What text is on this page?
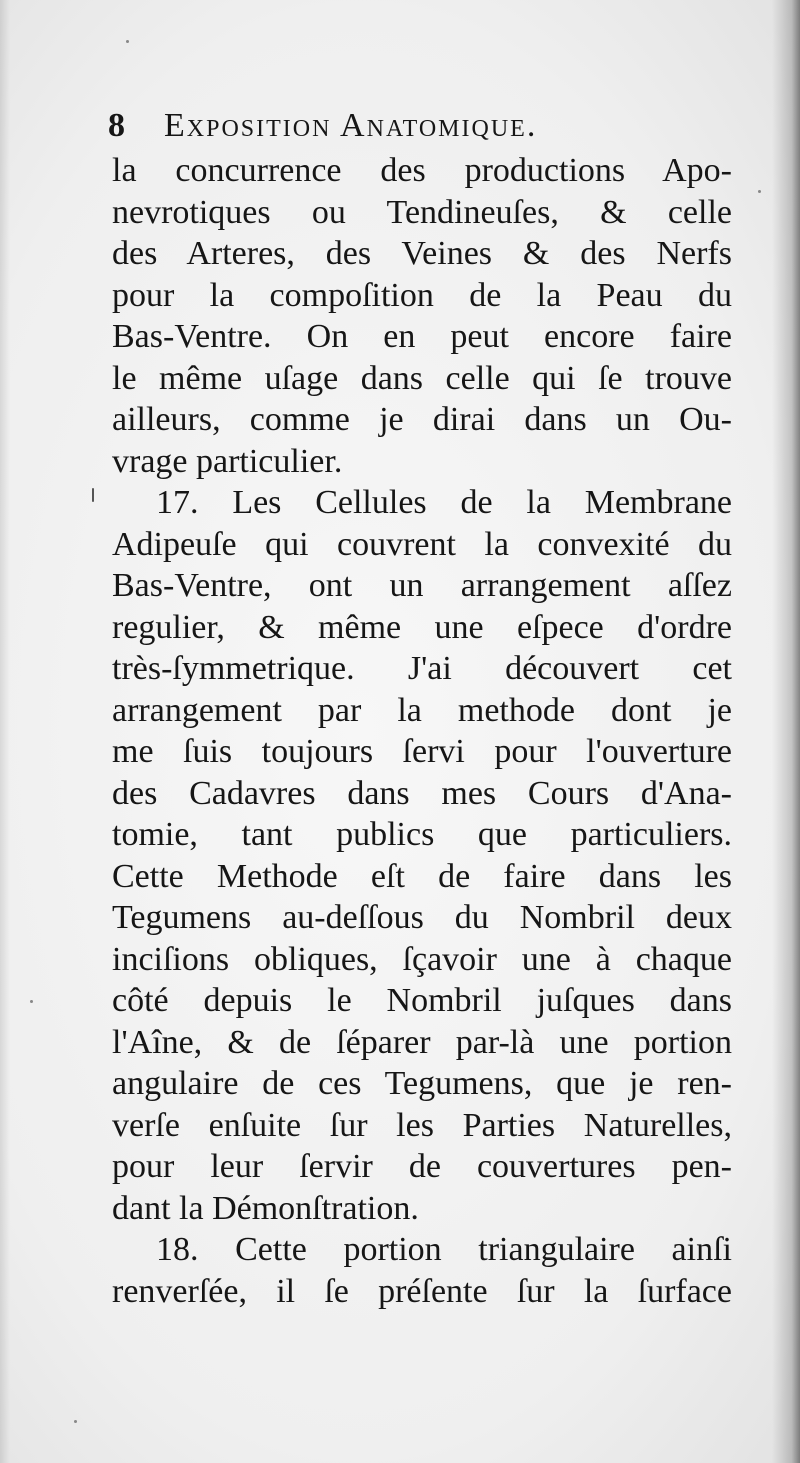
8 Exposition Anatomique.
la concurrence des productions Apo-
nevrotiques ou Tendineuſes, & celle
des Arteres, des Veines & des Nerfs
pour la compoſition de la Peau du
Bas-Ventre. On en peut encore faire
le même uſage dans celle qui ſe trouve
ailleurs, comme je dirai dans un Ou-
vrage particulier.
17. Les Cellules de la Membrane
Adipeuſe qui couvrent la convexité du
Bas-Ventre, ont un arrangement aſſez
regulier, & même une eſpece d'ordre
très-ſymmetrique. J'ai découvert cet
arrangement par la methode dont je
me ſuis toujours ſervi pour l'ouverture
des Cadavres dans mes Cours d'Ana-
tomie, tant publics que particuliers.
Cette Methode eſt de faire dans les
Tegumens au-deſſous du Nombril deux
inciſions obliques, ſçavoir une à chaque
côté depuis le Nombril juſques dans
l'Aîne, & de ſéparer par-là une portion
angulaire de ces Tegumens, que je ren-
verſe enſuite ſur les Parties Naturelles,
pour leur ſervir de couvertures pen-
dant la Démonſtration.
18. Cette portion triangulaire ainſi
renverſée, il ſe préſente ſur la ſurface
